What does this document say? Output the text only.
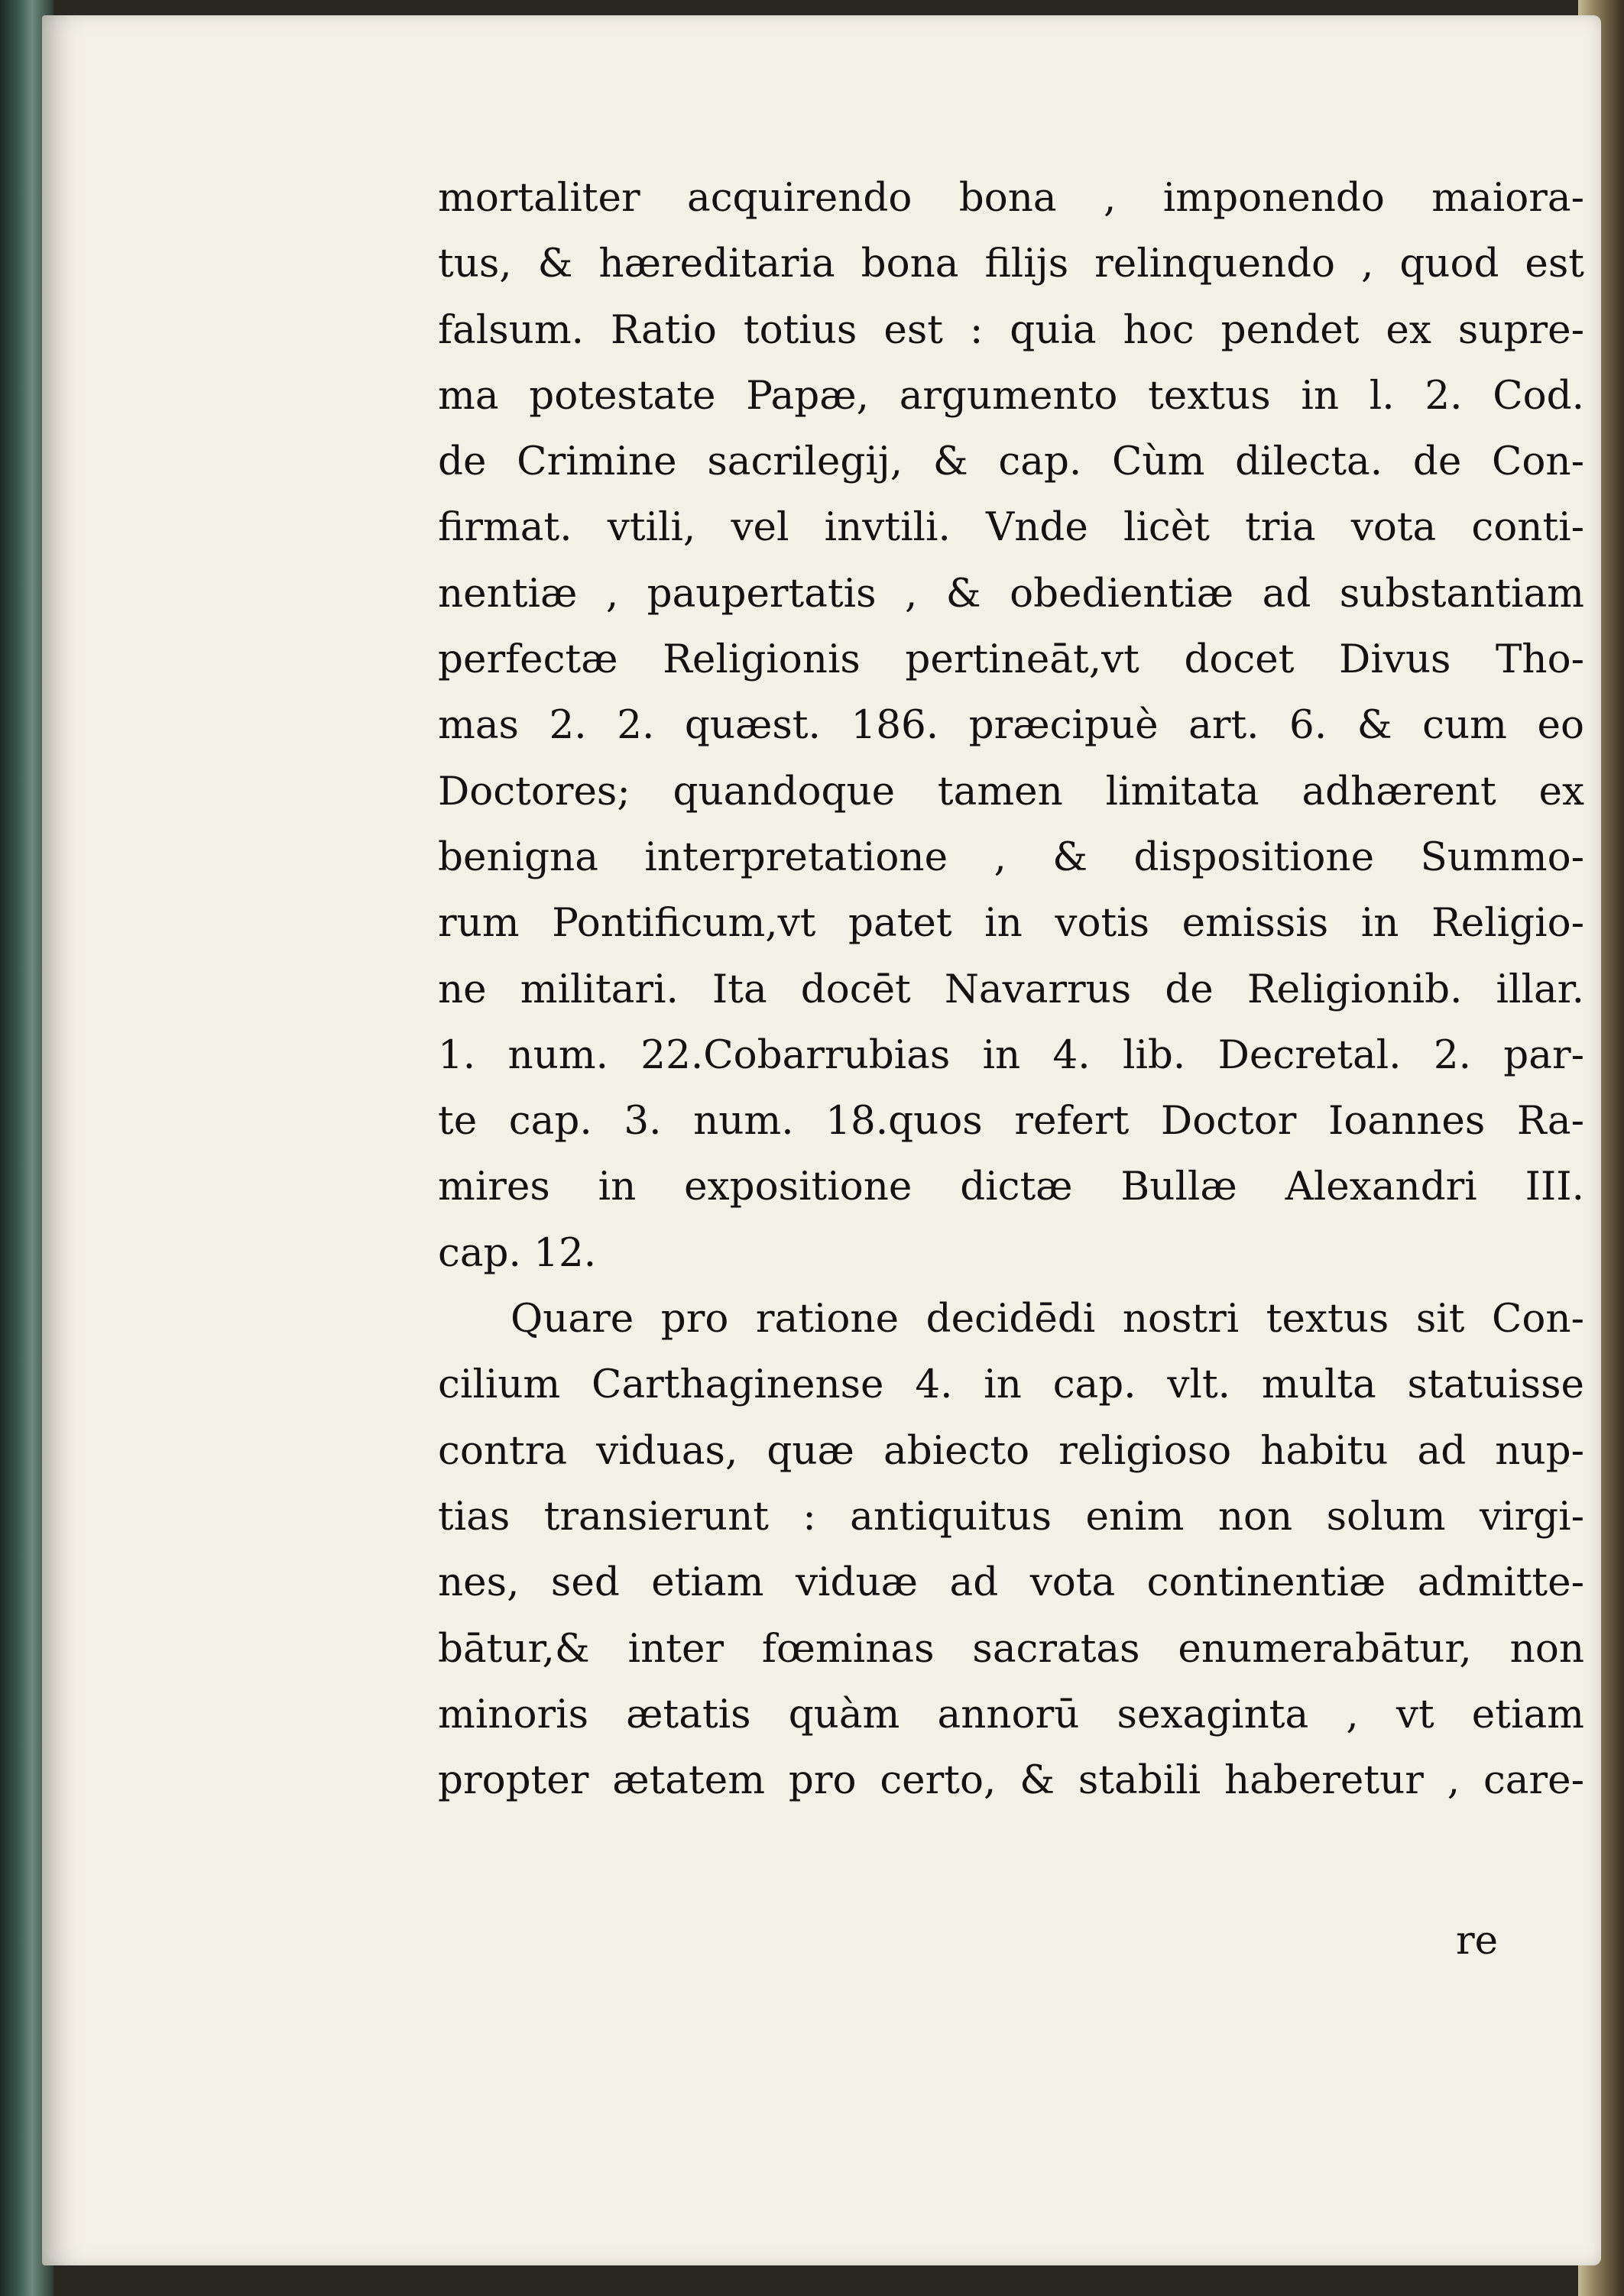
mortaliter acquirendo bona , imponendo maiora-
tus, & hæreditaria bona filijs relinquendo , quod est
falsum. Ratio totius est : quia hoc pendet ex supre-
ma potestate Papæ, argumento textus in l. 2. Cod.
de Crimine sacrilegij, & cap. Cùm dilecta. de Con-
firmat. vtili, vel invtili. Vnde licèt tria vota conti-
nentiæ , paupertatis , & obedientiæ ad substantiam
perfectæ Religionis pertineāt,vt docet Divus Tho-
mas 2. 2. quæst. 186. præcipuè art. 6. & cum eo
Doctores; quandoque tamen limitata adhærent ex
benigna interpretatione , & dispositione Summo-
rum Pontificum,vt patet in votis emissis in Religio-
ne militari. Ita docēt Navarrus de Religionib. illar.
1. num. 22.Cobarrubias in 4. lib. Decretal. 2. par-
te cap. 3. num. 18.quos refert Doctor Ioannes Ra-
mires in expositione dictæ Bullæ Alexandri III.
cap. 12.
Quare pro ratione decidēdi nostri textus sit Con-
cilium Carthaginense 4. in cap. vlt. multa statuisse
contra viduas, quæ abiecto religioso habitu ad nup-
tias transierunt : antiquitus enim non solum virgi-
nes, sed etiam viduæ ad vota continentiæ admitte-
bātur,& inter fœminas sacratas enumerabātur, non
minoris ætatis quàm annorū sexaginta , vt etiam
propter ætatem pro certo, & stabili haberetur , care-
re
